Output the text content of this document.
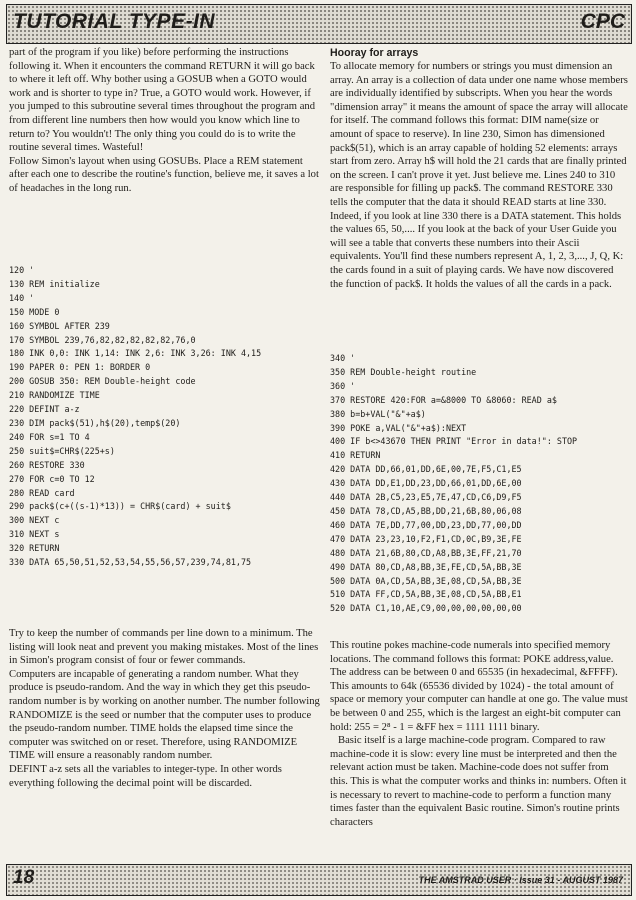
TUTORIAL TYPE-IN	CPC

part of the program if you like) before performing the instructions following it. When it encounters the command RETURN it will go back to where it left off. Why bother using a GOSUB when a GOTO would work and is shorter to type in? True, a GOTO would work. However, if you jumped to this subroutine several times throughout the program and from different line numbers then how would you know which line to return to? You wouldn't! The only thing you could do is to write the routine several times. Wasteful!

Follow Simon's layout when using GOSUBs. Place a REM statement after each one to describe the routine's function, believe me, it saves a lot of headaches in the long run.

120 '
130 REM initialize
140 '
150 MODE 0
160 SYMBOL AFTER 239
170 SYMBOL 239,76,82,82,82,82,82,76,0
180 INK 0,0: INK 1,14: INK 2,6: INK 3,26: INK 4,15
190 PAPER 0: PEN 1: BORDER 0
200 GOSUB 350: REM Double-height code
210 RANDOMIZE TIME
220 DEFINT a-z
230 DIM pack$(51),h$(20),temp$(20)
240 FOR s=1 TO 4
250 suit$=CHR$(225+s)
260 RESTORE 330
270 FOR c=0 TO 12
280 READ card
290 pack$(c+((s-1)*13)) = CHR$(card) + suit$
300 NEXT c
310 NEXT s
320 RETURN
330 DATA 65,50,51,52,53,54,55,56,57,239,74,81,75

Try to keep the number of commands per line down to a minimum. The listing will look neat and prevent you making mistakes. Most of the lines in Simon's program consist of four or fewer commands.

Computers are incapable of generating a random number. What they produce is pseudo-random. And the way in which they get this pseudo-random number is by working on another number. The number following RANDOMIZE is the seed or number that the computer uses to produce the pseudo-random number. TIME holds the elapsed time since the computer was switched on or reset. Therefore, using RANDOMIZE TIME will ensure a reasonably random number.

DEFINT a-z sets all the variables to integer-type. In other words everything following the decimal point will be discarded.

Hooray for arrays

To allocate memory for numbers or strings you must dimension an array. An array is a collection of data under one name whose members are individually identified by subscripts. When you hear the words "dimension array" it means the amount of space the array will allocate for itself. The command follows this format: DIM name(size or amount of space to reserve). In line 230, Simon has dimensioned pack$(51), which is an array capable of holding 52 elements: arrays start from zero. Array h$ will hold the 21 cards that are finally printed on the screen. I can't prove it yet. Just believe me. Lines 240 to 310 are responsible for filling up pack$. The command RESTORE 330 tells the computer that the data it should READ starts at line 330. Indeed, if you look at line 330 there is a DATA statement. This holds the values 65, 50,.... If you look at the back of your User Guide you will see a table that converts these numbers into their Ascii equivalents. You'll find these numbers represent A, 1, 2, 3,..., J, Q, K: the cards found in a suit of playing cards. We have now discovered the function of pack$. It holds the values of all the cards in a pack.

340 '
350 REM Double-height routine
360 '
370 RESTORE 420:FOR a=&8000 TO &8060: READ a$
380 b=b+VAL("&"+a$)
390 POKE a,VAL("&"+a$):NEXT
400 IF b<>43670 THEN PRINT "Error in data!": STOP
410 RETURN
420 DATA DD,66,01,DD,6E,00,7E,F5,C1,E5
430 DATA DD,E1,DD,23,DD,66,01,DD,6E,00
440 DATA 2B,C5,23,E5,7E,47,CD,C6,D9,F5
450 DATA 78,CD,A5,BB,DD,21,6B,80,06,08
460 DATA 7E,DD,77,00,DD,23,DD,77,00,DD
470 DATA 23,23,10,F2,F1,CD,0C,B9,3E,FE
480 DATA 21,6B,80,CD,A8,BB,3E,FF,21,70
490 DATA 80,CD,A8,BB,3E,FE,CD,5A,BB,3E
500 DATA 0A,CD,5A,BB,3E,08,CD,5A,BB,3E
510 DATA FF,CD,5A,BB,3E,08,CD,5A,BB,E1
520 DATA C1,10,AE,C9,00,00,00,00,00,00

This routine pokes machine-code numerals into specified memory locations. The command follows this format: POKE address,value. The address can be between 0 and 65535 (in hexadecimal, &FFFF). This amounts to 64k (65536 divided by 1024) - the total amount of space or memory your computer can handle at one go. The value must be between 0 and 255, which is the largest an eight-bit computer can hold: 255 = 2⁸ - 1 = &FF hex = 1111 1111 binary.

Basic itself is a large machine-code program. Compared to raw machine-code it is slow: every line must be interpreted and then the relevant action must be taken. Machine-code does not suffer from this. This is what the computer works and thinks in: numbers. Often it is necessary to revert to machine-code to perform a function many times faster than the equivalent Basic routine. Simon's routine prints characters

18	THE AMSTRAD USER · Issue 31 - AUGUST 1987
